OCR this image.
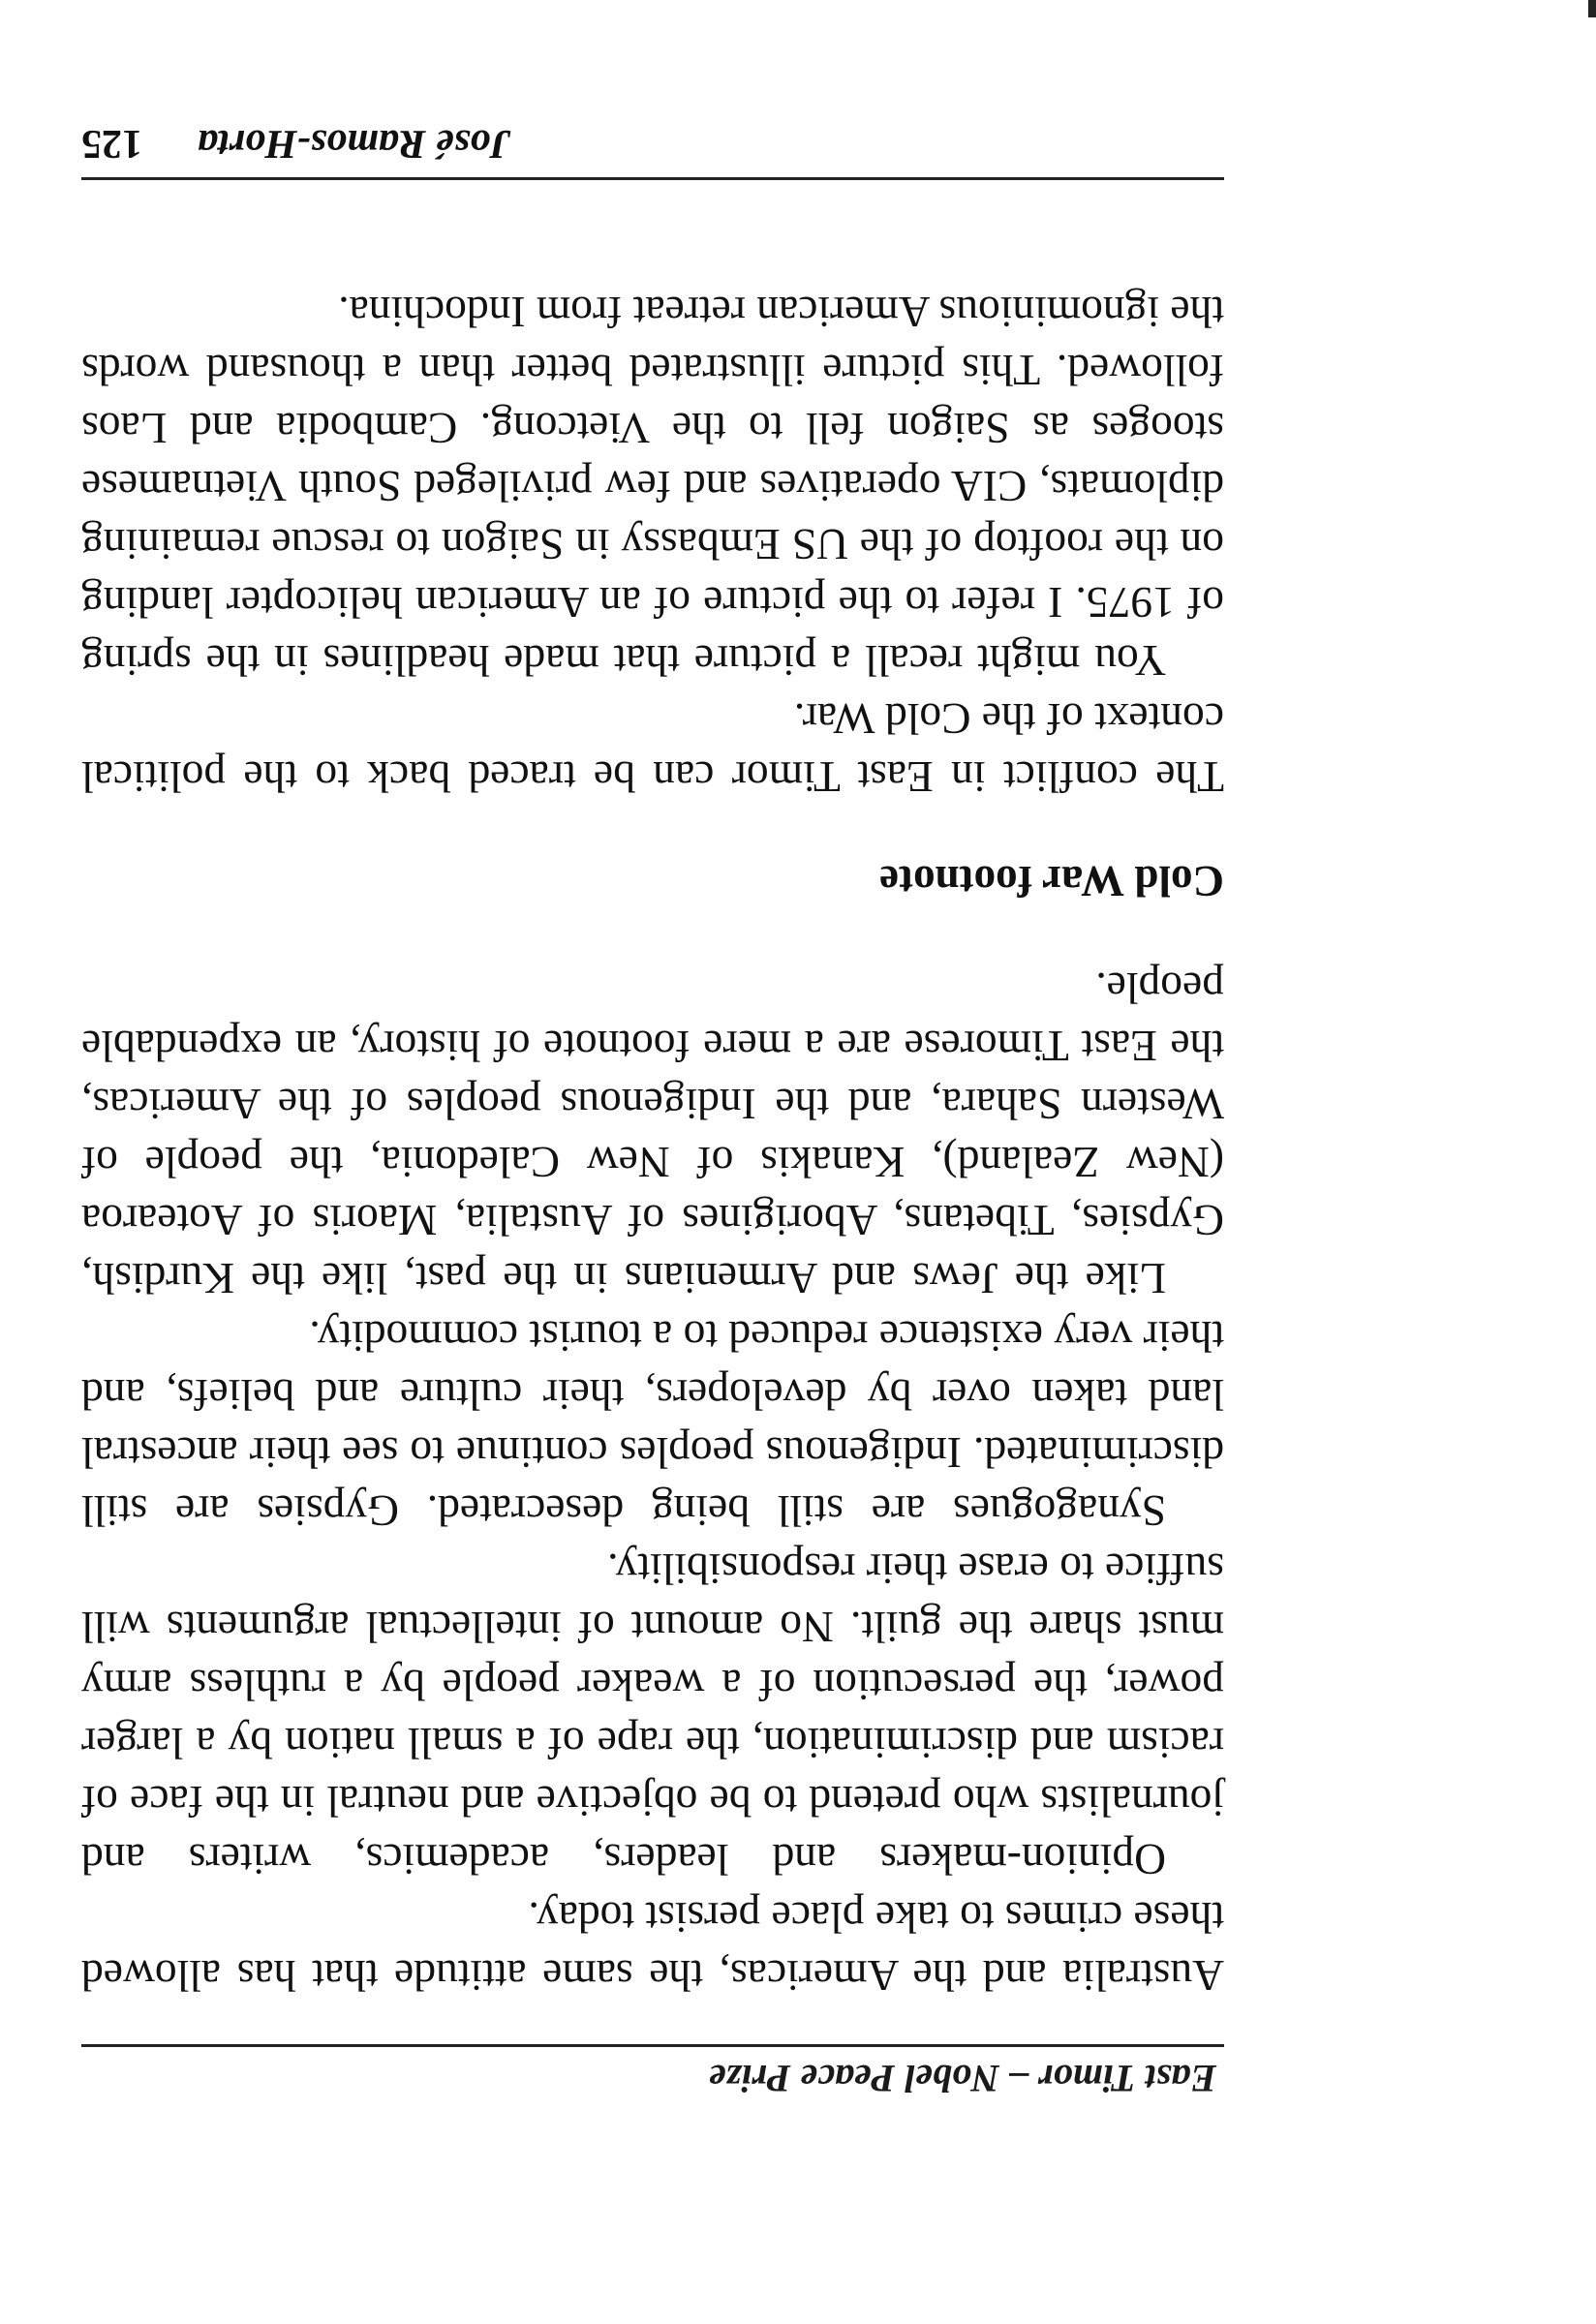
East Timor – Nobel Peace Prize

Australia and the Americas, the same attitude that has allowed these crimes to take place persist today.

Opinion-makers and leaders, academics, writers and journalists who pretend to be objective and neutral in the face of racism and discrimination, the rape of a small nation by a larger power, the persecution of a weaker people by a ruthless army must share the guilt. No amount of intellectual arguments will suffice to erase their responsibility.

Synagogues are still being desecrated. Gypsies are still discriminated. Indigenous peoples continue to see their ancestral land taken over by developers, their culture and beliefs, and their very existence reduced to a tourist commodity.

Like the Jews and Armenians in the past, like the Kurdish, Gypsies, Tibetans, Aborigines of Austalia, Maoris of Aotearoa (New Zealand), Kanakis of New Caledonia, the people of Western Sahara, and the Indigenous peoples of the Americas, the East Timorese are a mere footnote of history, an expendable people.

Cold War footnote

The conflict in East Timor can be traced back to the political context of the Cold War.

You might recall a picture that made headlines in the spring of 1975. I refer to the picture of an American helicopter landing on the rooftop of the US Embassy in Saigon to rescue remaining diplomats, CIA operatives and few privileged South Vietnamese stooges as Saigon fell to the Vietcong. Cambodia and Laos followed. This picture illustrated better than a thousand words the ignominious American retreat from Indochina.

José Ramos-Horta
125
